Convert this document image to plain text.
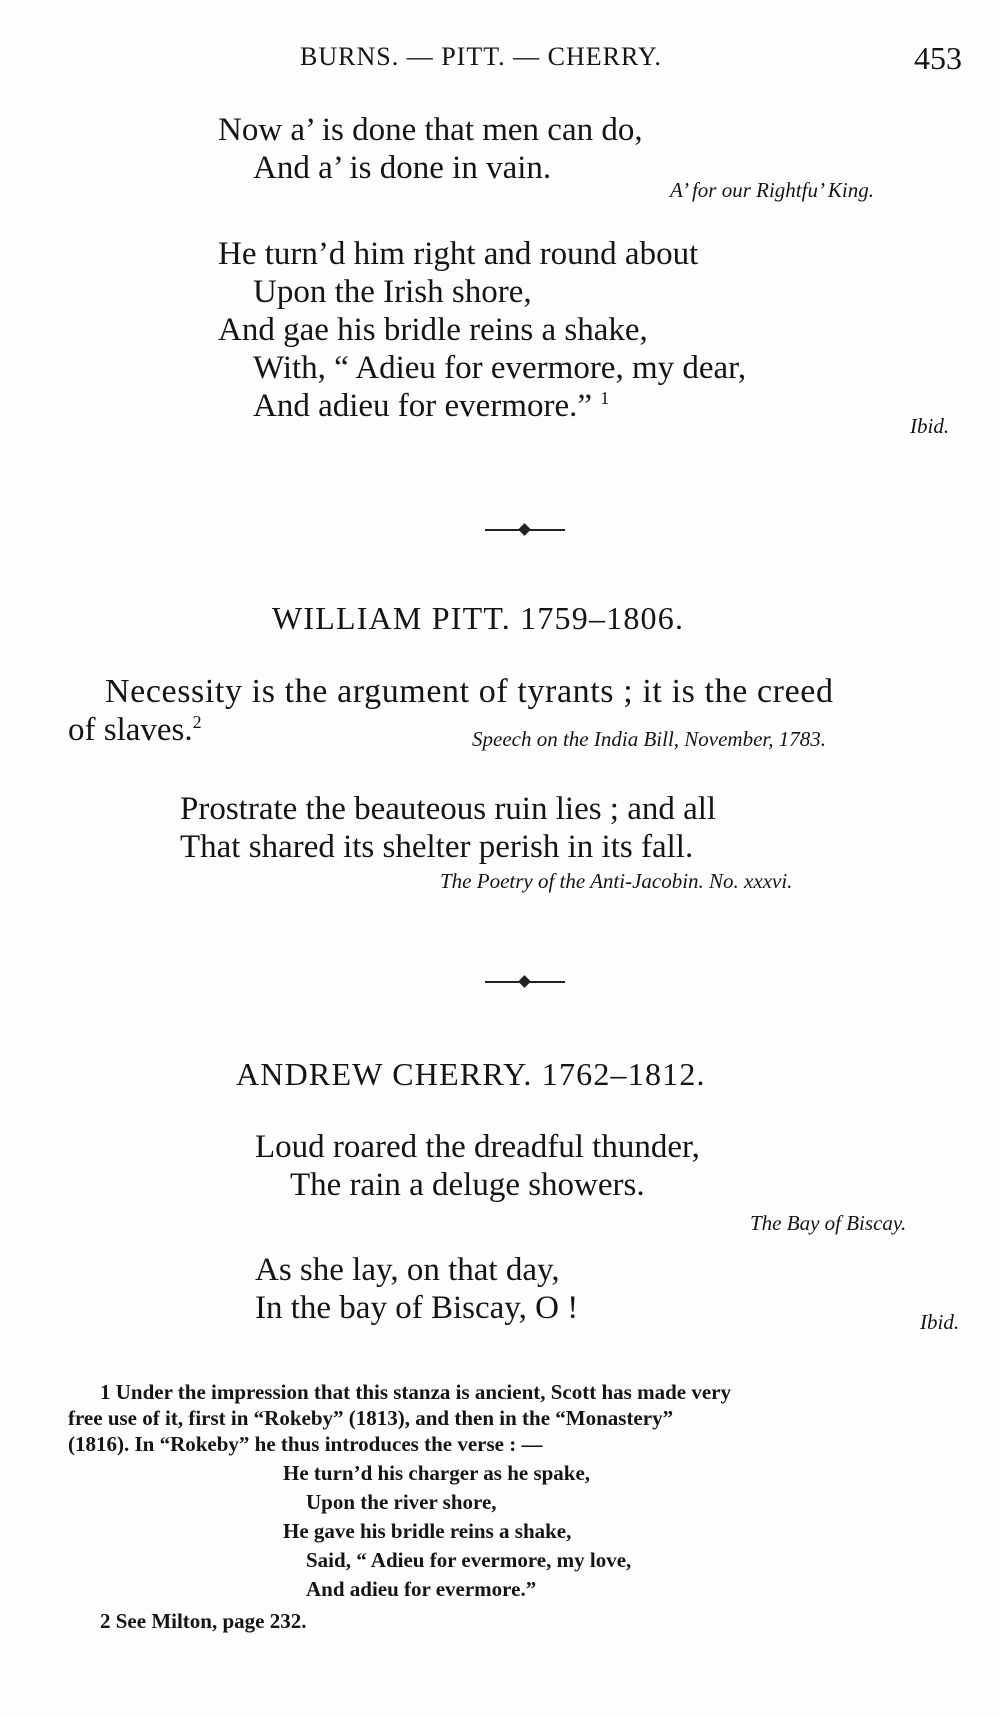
BURNS. — PITT. — CHERRY.	453
Now a’ is done that men can do,
And a’ is done in vain.
A’ for our Rightfu’ King.
He turn’d him right and round about
Upon the Irish shore,
And gae his bridle reins a shake,
With, “ Adieu for evermore, my dear,
And adieu for evermore.” $^1$
Ibid.
WILLIAM PITT. 1759–1806.
Necessity is the argument of tyrants ; it is the creed
of slaves.$^2$
Speech on the India Bill, November, 1783.
Prostrate the beauteous ruin lies ; and all
That shared its shelter perish in its fall.
The Poetry of the Anti-Jacobin. No. xxxvi.
ANDREW CHERRY. 1762–1812.
Loud roared the dreadful thunder,
The rain a deluge showers.
The Bay of Biscay.
As she lay, on that day,
In the bay of Biscay, O !	Ibid.
1 Under the impression that this stanza is ancient, Scott has made very
free use of it, first in “Rokeby” (1813), and then in the “Monastery”
(1816). In “Rokeby” he thus introduces the verse : —
He turn’d his charger as he spake,
Upon the river shore,
He gave his bridle reins a shake,
Said, “ Adieu for evermore, my love,
And adieu for evermore.”
2 See Milton, page 232.
